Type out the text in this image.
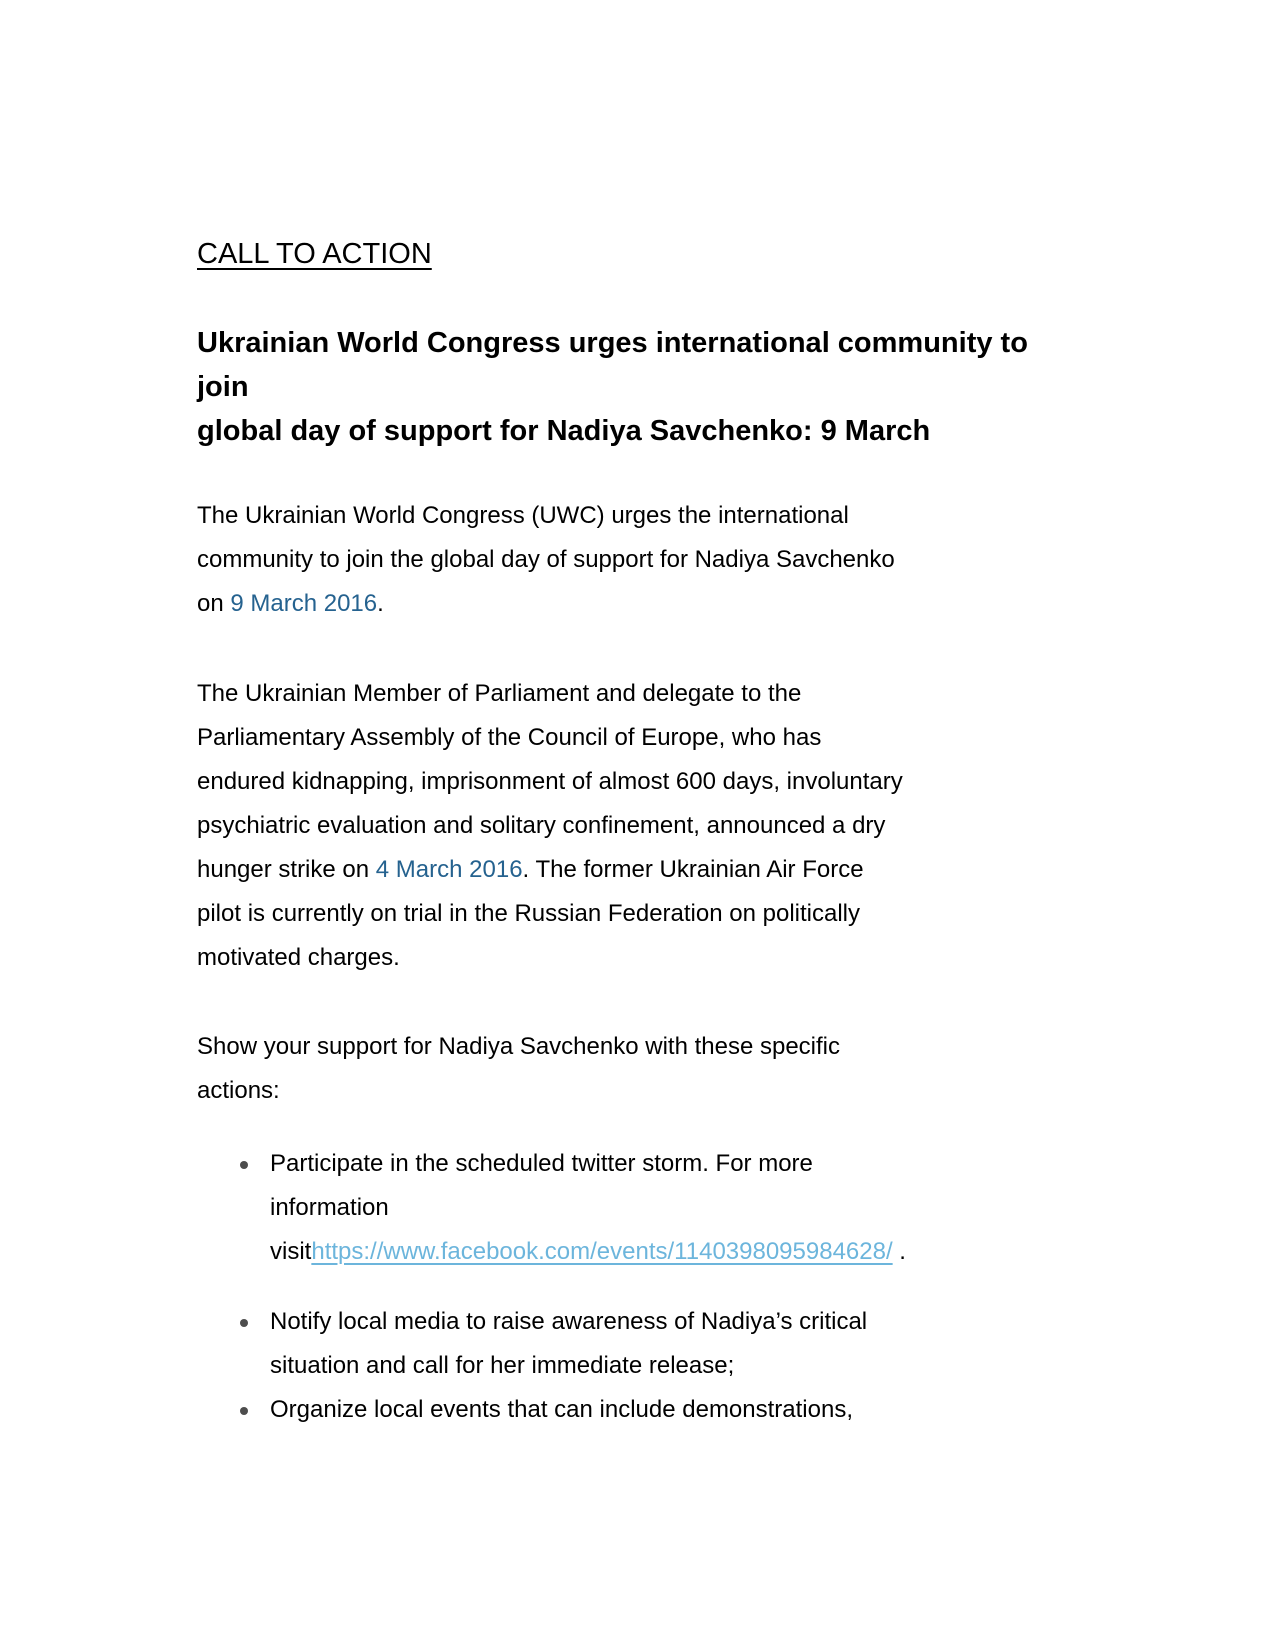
CALL TO ACTION
Ukrainian World Congress urges international community to
join
global day of support for Nadiya Savchenko: 9 March
The Ukrainian World Congress (UWC) urges the international
community to join the global day of support for Nadiya Savchenko
on 9 March 2016.
The Ukrainian Member of Parliament and delegate to the
Parliamentary Assembly of the Council of Europe, who has
endured kidnapping, imprisonment of almost 600 days, involuntary
psychiatric evaluation and solitary confinement, announced a dry
hunger strike on 4 March 2016. The former Ukrainian Air Force
pilot is currently on trial in the Russian Federation on politically
motivated charges.
Show your support for Nadiya Savchenko with these specific
actions:
Participate in the scheduled twitter storm. For more
information
visithttps://www.facebook.com/events/1140398095984628/ .
Notify local media to raise awareness of Nadiya’s critical
situation and call for her immediate release;
Organize local events that can include demonstrations,
